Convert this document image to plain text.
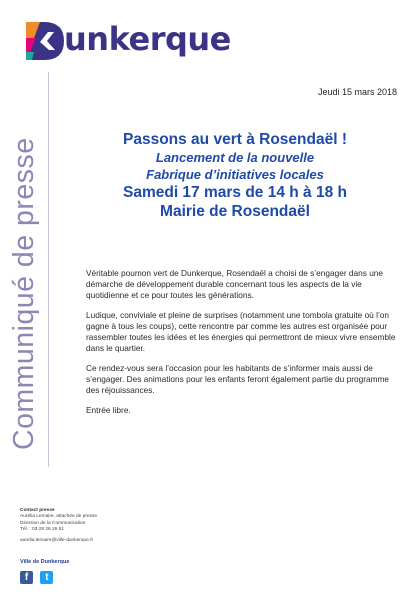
unkerque
Communiqué de presse
Jeudi 15 mars 2018
Passons au vert à Rosendaël !
Lancement de la nouvelle
Fabrique d’initiatives locales
Samedi 17 mars de 14 h à 18 h
Mairie de Rosendaël

Véritable poumon vert de Dunkerque, Rosendaël a choisi de s’engager dans une démarche de développement durable concernant tous les aspects de la vie quotidienne et ce pour toutes les générations.

Ludique, conviviale et pleine de surprises (notamment une tombola gratuite où l’on gagne à tous les coups), cette rencontre par comme les autres est organisée pour rassembler toutes les idées et les énergies qui permettront de mieux vivre ensemble dans le quartier.

Ce rendez-vous sera l’occasion pour les habitants de s’informer mais aussi de s’engager. Des animations pour les enfants feront également partie du programme des réjouissances.

Entrée libre.

Contact presse
Aurélia Lemaire, attachée de presse
Direction de la Communication
Tél. : 03 28 26 26 51
aurelia.lemaire@ville-dunkerque.fr
Ville de Dunkerque
f t
